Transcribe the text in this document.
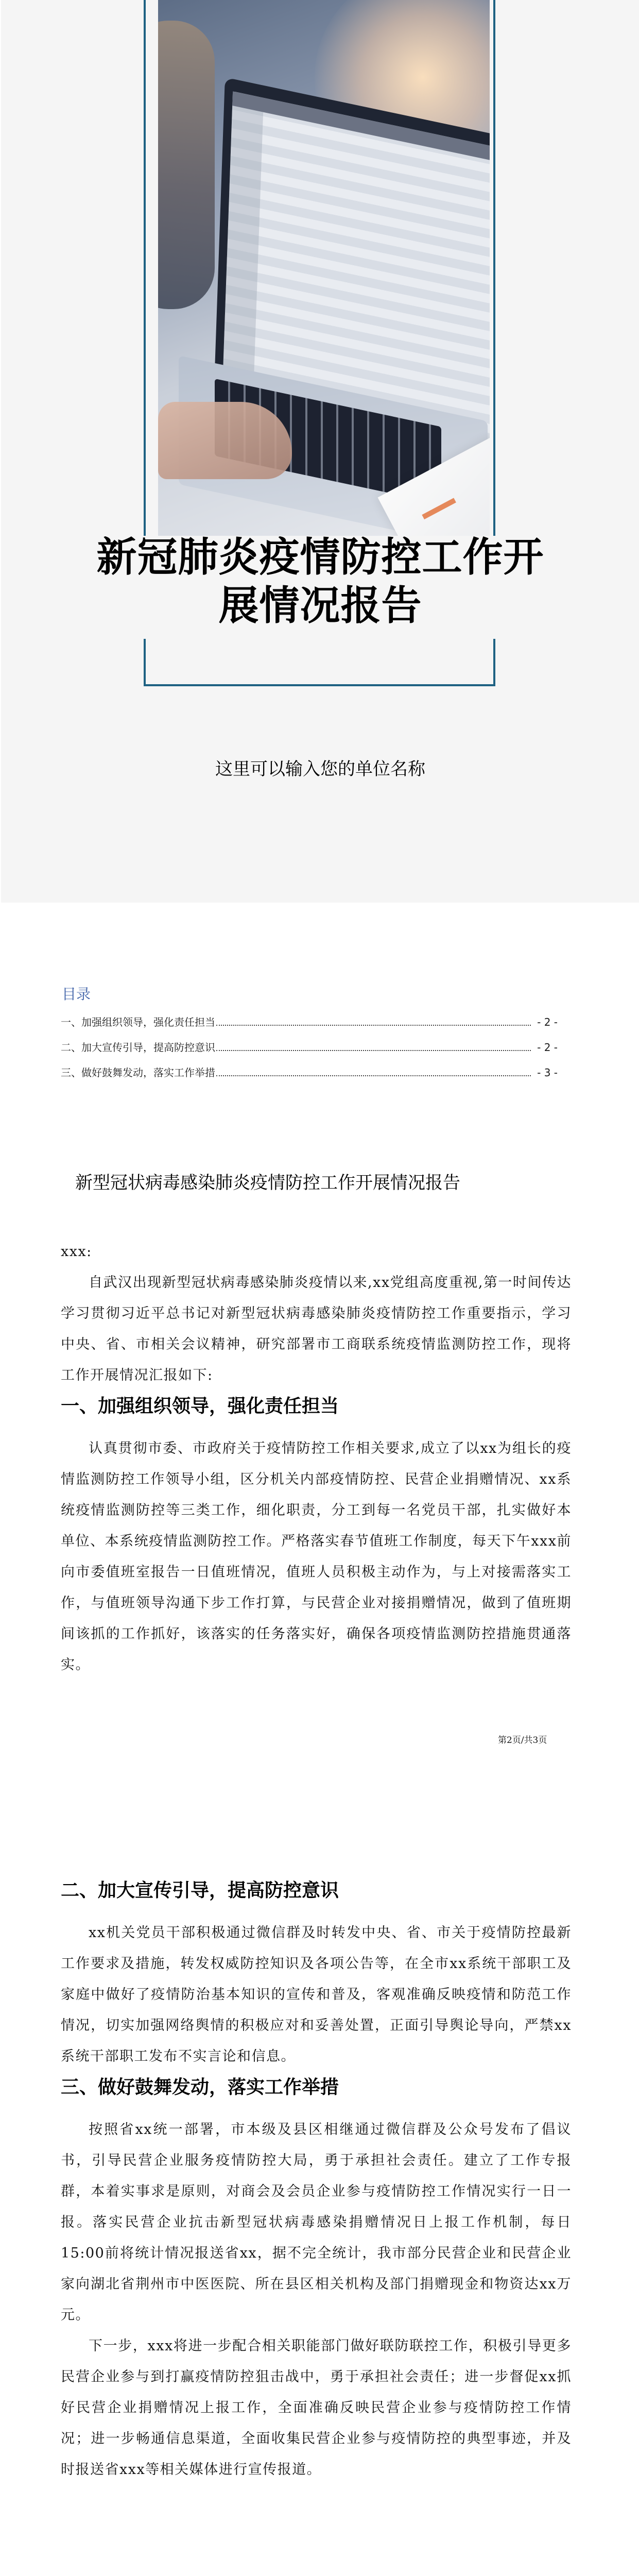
新冠肺炎疫情防控工作开
展情况报告
这里可以输入您的单位名称
目录
一、加强组织领导，强化责任担当	- 2 -
二、加大宣传引导，提高防控意识	- 2 -
三、做好鼓舞发动，落实工作举措	- 3 -
新型冠状病毒感染肺炎疫情防控工作开展情况报告

xxx:

自武汉出现新型冠状病毒感染肺炎疫情以来,xx党组高度重视,第一时间传达学习贯彻习近平总书记对新型冠状病毒感染肺炎疫情防控工作重要指示，学习中央、省、市相关会议精神，研究部署市工商联系统疫情监测防控工作，现将工作开展情况汇报如下:

一、加强组织领导，强化责任担当

认真贯彻市委、市政府关于疫情防控工作相关要求,成立了以xx为组长的疫情监测防控工作领导小组，区分机关内部疫情防控、民营企业捐赠情况、xx系统疫情监测防控等三类工作，细化职责，分工到每一名党员干部，扎实做好本单位、本系统疫情监测防控工作。严格落实春节值班工作制度，每天下午xxx前向市委值班室报告一日值班情况，值班人员积极主动作为，与上对接需落实工作，与值班领导沟通下步工作打算，与民营企业对接捐赠情况，做到了值班期间该抓的工作抓好，该落实的任务落实好，确保各项疫情监测防控措施贯通落实。

第2页/共3页
二、加大宣传引导，提高防控意识

xx机关党员干部积极通过微信群及时转发中央、省、市关于疫情防控最新工作要求及措施，转发权威防控知识及各项公告等，在全市xx系统干部职工及家庭中做好了疫情防治基本知识的宣传和普及，客观准确反映疫情和防范工作情况，切实加强网络舆情的积极应对和妥善处置，正面引导舆论导向，严禁xx系统干部职工发布不实言论和信息。

三、做好鼓舞发动，落实工作举措

按照省xx统一部署，市本级及县区相继通过微信群及公众号发布了倡议书，引导民营企业服务疫情防控大局，勇于承担社会责任。建立了工作专报群，本着实事求是原则，对商会及会员企业参与疫情防控工作情况实行一日一报。落实民营企业抗击新型冠状病毒感染捐赠情况日上报工作机制，每日15:00前将统计情况报送省xx，据不完全统计，我市部分民营企业和民营企业家向湖北省荆州市中医医院、所在县区相关机构及部门捐赠现金和物资达xx万元。

下一步，xxx将进一步配合相关职能部门做好联防联控工作，积极引导更多民营企业参与到打赢疫情防控狙击战中，勇于承担社会责任；进一步督促xx抓好民营企业捐赠情况上报工作，全面准确反映民营企业参与疫情防控工作情况；进一步畅通信息渠道，全面收集民营企业参与疫情防控的典型事迹，并及时报送省xxx等相关媒体进行宣传报道。
